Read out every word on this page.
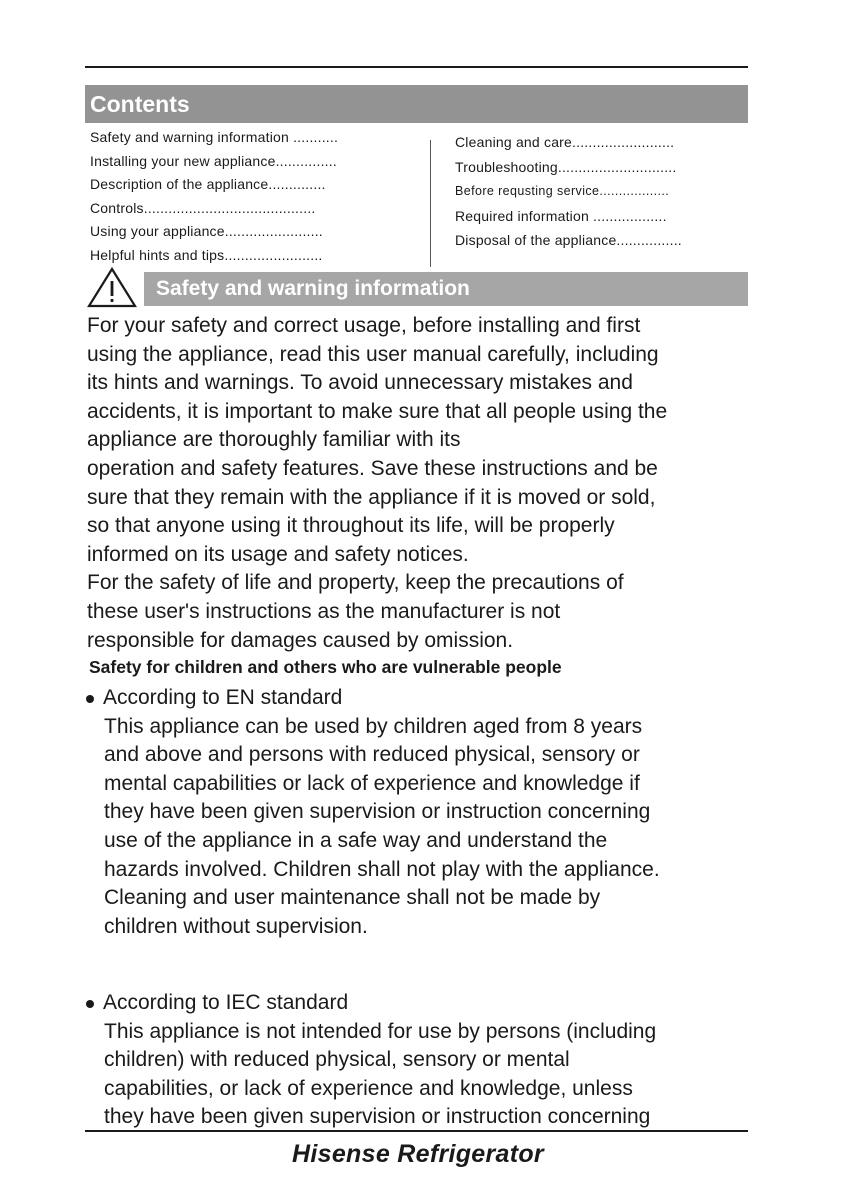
Contents
Safety and warning information ...........
Installing your new appliance...............
Description of the appliance..............
Controls..........................................
Using your appliance........................
Helpful hints and tips........................
Cleaning and care.........................
Troubleshooting.............................
Before requsting service..................
Required information ..................
Disposal of the appliance................
Safety and warning information

For your safety and correct usage, before installing and first

using the appliance, read this user manual carefully, including

its hints and warnings. To avoid unnecessary mistakes and

accidents, it is important to make sure that all people using the

appliance are thoroughly familiar with its

operation and safety features. Save these instructions and be

sure that they remain with the appliance if it is moved or sold,

so that anyone using it throughout its life, will be properly

informed on its usage and safety notices.

For the safety of life and property, keep the precautions of

these user's instructions as the manufacturer is not

responsible for damages caused by omission.

Safety for children and others who are vulnerable people
According to EN standard
This appliance can be used by children aged from 8 years
and above and persons with reduced physical, sensory or
mental capabilities or lack of experience and knowledge if
they have been given supervision or instruction concerning
use of the appliance in a safe way and understand the
hazards involved. Children shall not play with the appliance.
Cleaning and user maintenance shall not be made by
children without supervision.
According to IEC standard
This appliance is not intended for use by persons (including
children) with reduced physical, sensory or mental
capabilities, or lack of experience and knowledge, unless
they have been given supervision or instruction concerning
Hisense Refrigerator
